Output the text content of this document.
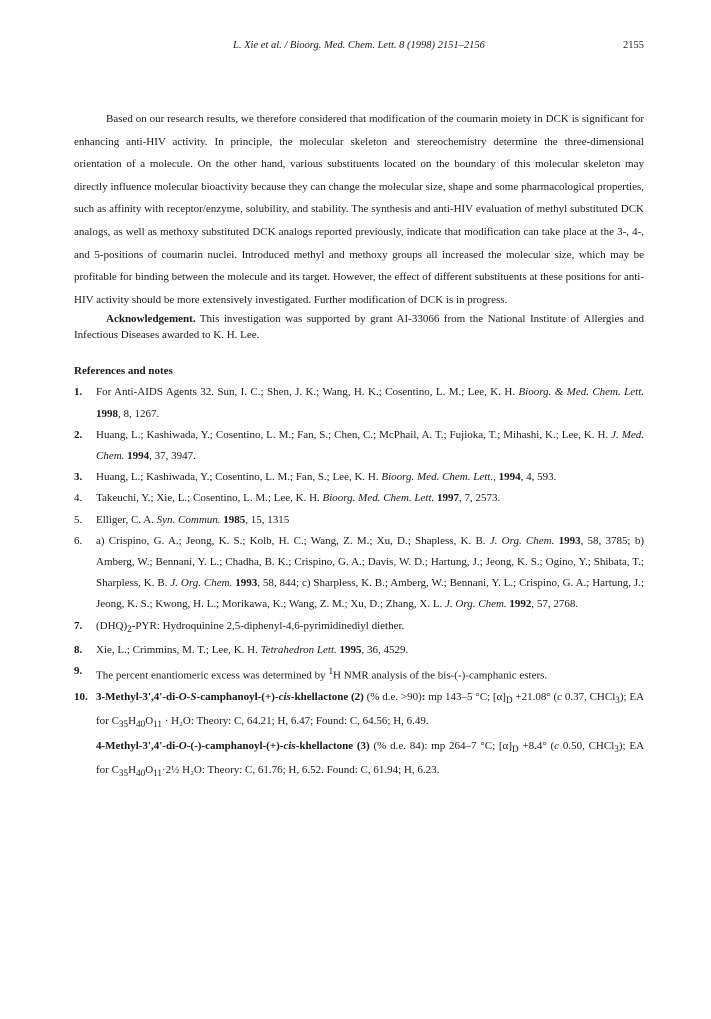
L. Xie et al. / Bioorg. Med. Chem. Lett. 8 (1998) 2151–2156	2155

Based on our research results, we therefore considered that modification of the coumarin moiety in DCK is significant for enhancing anti-HIV activity. In principle, the molecular skeleton and stereochemistry determine the three-dimensional orientation of a molecule. On the other hand, various substituents located on the boundary of this molecular skeleton may directly influence molecular bioactivity because they can change the molecular size, shape and some pharmacological properties, such as affinity with receptor/enzyme, solubility, and stability. The synthesis and anti-HIV evaluation of methyl substituted DCK analogs, as well as methoxy substituted DCK analogs reported previously, indicate that modification can take place at the 3-, 4-, and 5-positions of coumarin nuclei. Introduced methyl and methoxy groups all increased the molecular size, which may be profitable for binding between the molecule and its target. However, the effect of different substituents at these positions for anti-HIV activity should be more extensively investigated. Further modification of DCK is in progress.

Acknowledgement. This investigation was supported by grant AI-33066 from the National Institute of Allergies and Infectious Diseases awarded to K. H. Lee.

References and notes
1. For Anti-AIDS Agents 32. Sun, I. C.; Shen, J. K.; Wang, H. K.; Cosentino, L. M.; Lee, K. H. Bioorg. & Med. Chem. Lett. 1998, 8, 1267.
2. Huang, L.; Kashiwada, Y.; Cosentino, L. M.; Fan, S.; Chen, C.; McPhail, A. T.; Fujioka, T.; Mihashi, K.; Lee, K. H. J. Med. Chem. 1994, 37, 3947.
3. Huang, L.; Kashiwada, Y.; Cosentino, L. M.; Fan, S.; Lee, K. H. Bioorg. Med. Chem. Lett., 1994, 4, 593.
4. Takeuchi, Y.; Xie, L.; Cosentino, L. M.; Lee, K. H. Bioorg. Med. Chem. Lett. 1997, 7, 2573.
5. Elliger, C. A. Syn. Commun. 1985, 15, 1315
6. a) Crispino, G. A.; Jeong, K. S.; Kolb, H. C.; Wang, Z. M.; Xu, D.; Shapless, K. B. J. Org. Chem. 1993, 58, 3785; b) Amberg, W.; Bennani, Y. L.; Chadha, B. K.; Crispino, G. A.; Davis, W. D.; Hartung, J.; Jeong, K. S.; Ogino, Y.; Shibata, T.; Sharpless, K. B. J. Org. Chem. 1993, 58, 844; c) Sharpless, K. B.; Amberg, W.; Bennani, Y. L.; Crispino, G. A.; Hartung, J.; Jeong, K. S.; Kwong, H. L.; Morikawa, K.; Wang, Z. M.; Xu, D.; Zhang, X. L. J. Org. Chem. 1992, 57, 2768.
7. $(DHQ)_2$-PYR: Hydroquinine 2,5-diphenyl-4,6-pyrimidinediyl diether.
8. Xie, L.; Crimmins, M. T.; Lee, K. H. Tetrahedron Lett. 1995, 36, 4529.
9. The percent enantiomeric excess was determined by $^1$H NMR analysis of the bis-(-)-camphanic esters.
10. 3-Methyl-3',4'-di-O-S-camphanoyl-(+)-cis-khellactone (2) (% d.e. >90): mp 143–5 °C; $[\alpha]_D +21.08^\circ$ (c 0.37, CHCl$_3$); EA for $C_{35}H_{40}O_{11} \cdot H_2O$: Theory: C, 64.21; H, 6.47; Found: C, 64.56; H, 6.49.
4-Methyl-3',4'-di-O-(-)-camphanoyl-(+)-cis-khellactone (3) (% d.e. 84): mp 264–7 °C; $[\alpha]_D +8.4^\circ$ (c 0.50, CHCl$_3$); EA for $C_{35}H_{40}O_{11}\cdot 2\frac{1}{2}$ H₂O: Theory: C, 61.76; H, 6.52. Found: C, 61.94; H, 6.23.
